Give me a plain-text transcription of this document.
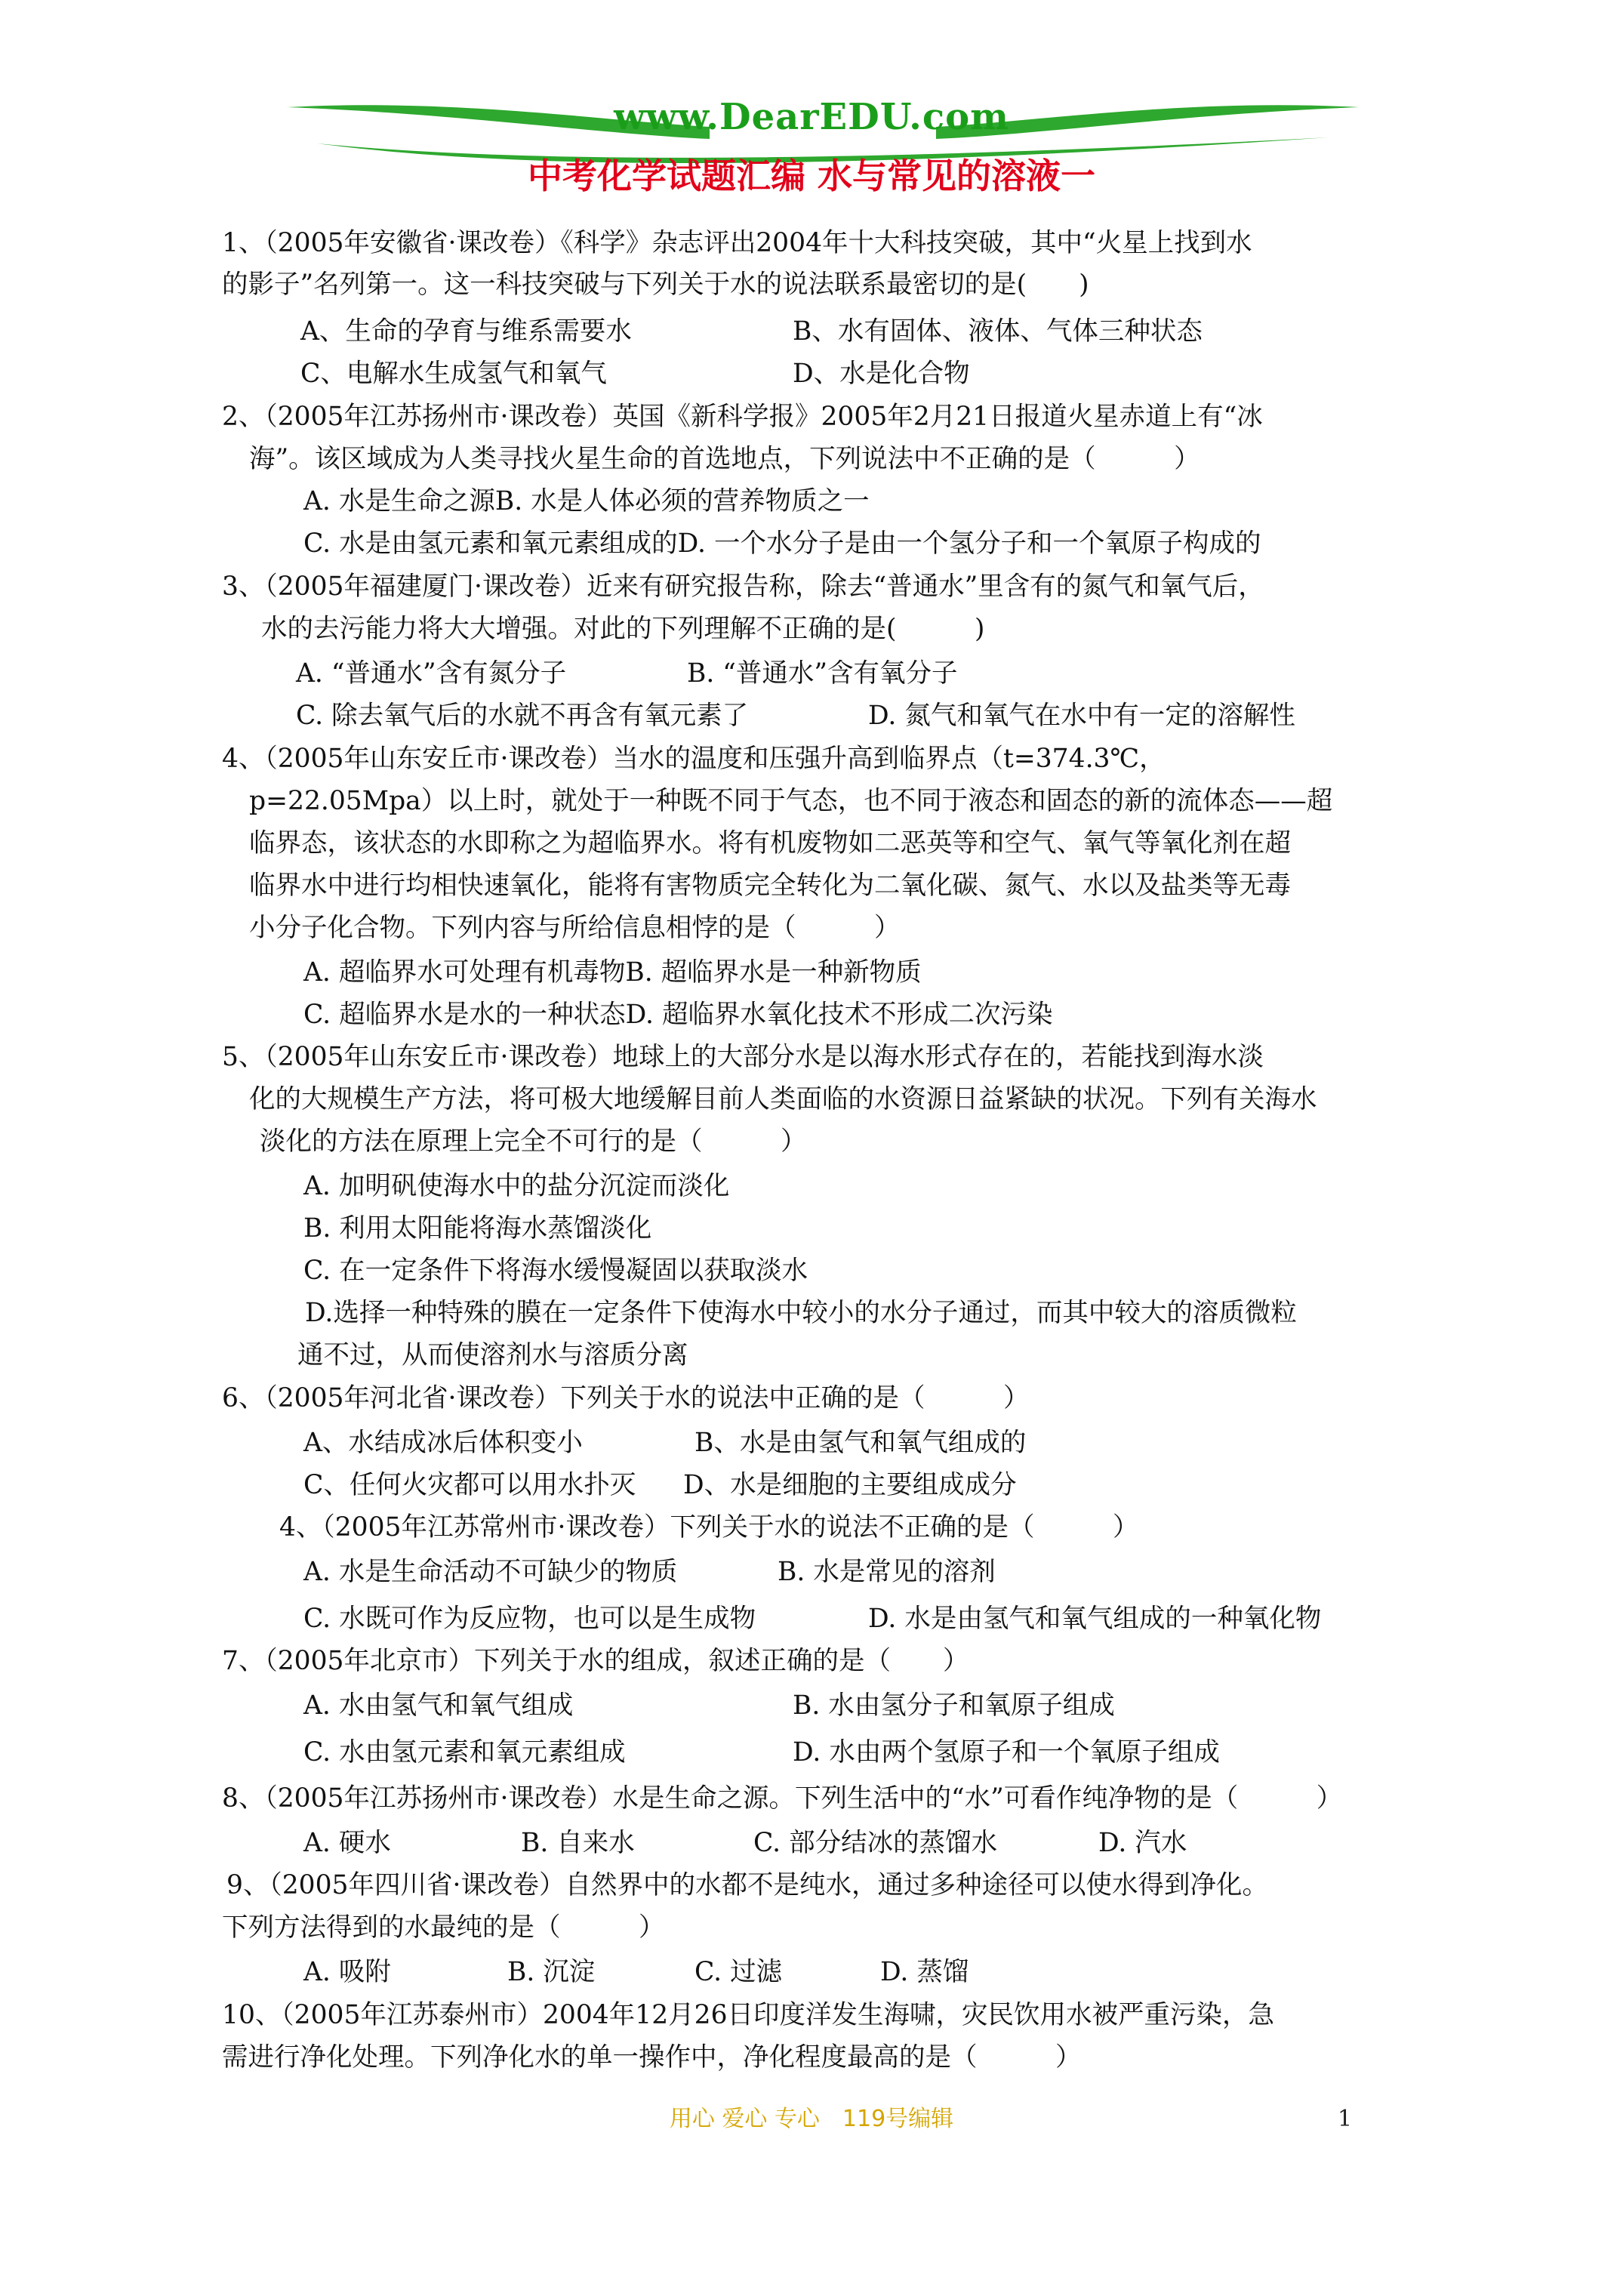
www.DearEDU.com
中考化学试题汇编 水与常见的溶液一
1、（2005年安徽省·课改卷）《科学》杂志评出2004年十大科技突破，其中“火星上找到水
的影子”名列第一。这一科技突破与下列关于水的说法联系最密切的是(　　)
A、生命的孕育与维系需要水	B、水有固体、液体、气体三种状态
C、电解水生成氢气和氧气	D、水是化合物
2、（2005年江苏扬州市·课改卷）英国《新科学报》2005年2月21日报道火星赤道上有“冰
海”。该区域成为人类寻找火星生命的首选地点，下列说法中不正确的是（　　　）
A. 水是生命之源B. 水是人体必须的营养物质之一
C. 水是由氢元素和氧元素组成的D. 一个水分子是由一个氢分子和一个氧原子构成的
3、（2005年福建厦门·课改卷）近来有研究报告称，除去“普通水”里含有的氮气和氧气后，
水的去污能力将大大增强。对此的下列理解不正确的是(　　　)
A. “普通水”含有氮分子	B. “普通水”含有氧分子
C. 除去氧气后的水就不再含有氧元素了	D. 氮气和氧气在水中有一定的溶解性
4、（2005年山东安丘市·课改卷）当水的温度和压强升高到临界点（t=374.3℃，
p=22.05Mpa）以上时，就处于一种既不同于气态，也不同于液态和固态的新的流体态——超
临界态，该状态的水即称之为超临界水。将有机废物如二恶英等和空气、氧气等氧化剂在超
临界水中进行均相快速氧化，能将有害物质完全转化为二氧化碳、氮气、水以及盐类等无毒
小分子化合物。下列内容与所给信息相悖的是（　　　）
A. 超临界水可处理有机毒物B. 超临界水是一种新物质
C. 超临界水是水的一种状态D. 超临界水氧化技术不形成二次污染
5、（2005年山东安丘市·课改卷）地球上的大部分水是以海水形式存在的，若能找到海水淡
化的大规模生产方法，将可极大地缓解目前人类面临的水资源日益紧缺的状况。下列有关海水
淡化的方法在原理上完全不可行的是（　　　）
A. 加明矾使海水中的盐分沉淀而淡化
B. 利用太阳能将海水蒸馏淡化
C. 在一定条件下将海水缓慢凝固以获取淡水
D.选择一种特殊的膜在一定条件下使海水中较小的水分子通过，而其中较大的溶质微粒
通不过，从而使溶剂水与溶质分离
6、（2005年河北省·课改卷）下列关于水的说法中正确的是（　　　）
A、水结成冰后体积变小	B、水是由氢气和氧气组成的
C、任何火灾都可以用水扑灭 D、水是细胞的主要组成成分
4、（2005年江苏常州市·课改卷）下列关于水的说法不正确的是（　　　）
A. 水是生命活动不可缺少的物质	B. 水是常见的溶剂
C. 水既可作为反应物，也可以是生成物	D. 水是由氢气和氧气组成的一种氧化物
7、（2005年北京市）下列关于水的组成，叙述正确的是（　　）
A. 水由氢气和氧气组成	B. 水由氢分子和氧原子组成
C. 水由氢元素和氧元素组成	D. 水由两个氢原子和一个氧原子组成
8、（2005年江苏扬州市·课改卷）水是生命之源。下列生活中的“水”可看作纯净物的是（　　　）
A. 硬水	B. 自来水	C. 部分结冰的蒸馏水	D. 汽水
9、（2005年四川省·课改卷）自然界中的水都不是纯水，通过多种途径可以使水得到净化。
下列方法得到的水最纯的是（　　　）
A. 吸附	B. 沉淀	C. 过滤	D. 蒸馏
10、（2005年江苏泰州市）2004年12月26日印度洋发生海啸，灾民饮用水被严重污染，急
需进行净化处理。下列净化水的单一操作中，净化程度最高的是（　　　）
用心 爱心 专心　119号编辑	1
